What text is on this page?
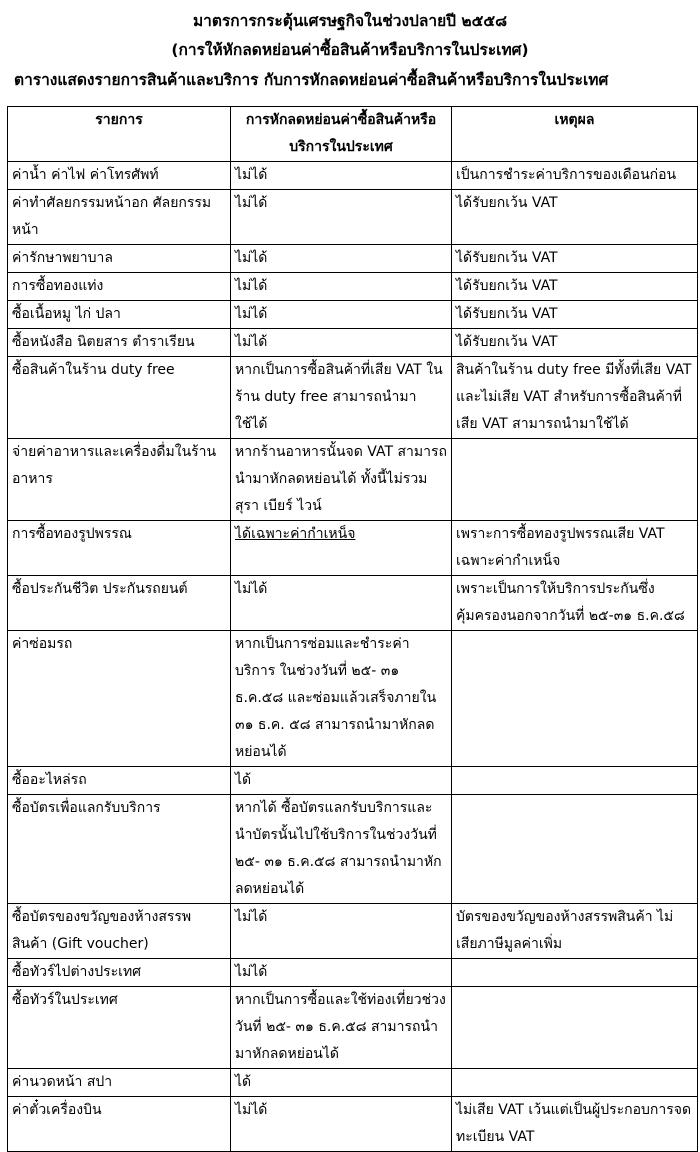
มาตรการกระตุ้นเศรษฐกิจในช่วงปลายปี ๒๕๕๘
(การให้หักลดหย่อนค่าซื้อสินค้าหรือบริการในประเทศ)
ตารางแสดงรายการสินค้าและบริการ กับการหักลดหย่อนค่าซื้อสินค้าหรือบริการในประเทศ
รายการ	การหักลดหย่อนค่าซื้อสินค้าหรือบริการในประเทศ	เหตุผล
ค่าน้ำ ค่าไฟ ค่าโทรศัพท์	ไม่ได้	เป็นการชำระค่าบริการของเดือนก่อน
ค่าทำศัลยกรรมหน้าอก ศัลยกรรมหน้า	ไม่ได้	ได้รับยกเว้น VAT
ค่ารักษาพยาบาล	ไม่ได้	ได้รับยกเว้น VAT
การซื้อทองแท่ง	ไม่ได้	ได้รับยกเว้น VAT
ซื้อเนื้อหมู ไก่ ปลา	ไม่ได้	ได้รับยกเว้น VAT
ซื้อหนังสือ นิตยสาร ตำราเรียน	ไม่ได้	ได้รับยกเว้น VAT
ซื้อสินค้าในร้าน duty free	หากเป็นการซื้อสินค้าที่เสีย VAT ในร้าน duty free สามารถนำมาใช้ได้	สินค้าในร้าน duty free มีทั้งที่เสีย VAT และไม่เสีย VAT สำหรับการซื้อสินค้าที่เสีย VAT สามารถนำมาใช้ได้
จ่ายค่าอาหารและเครื่องดื่มในร้านอาหาร	หากร้านอาหารนั้นจด VAT สามารถนำมาหักลดหย่อนได้ ทั้งนี้ไม่รวมสุรา เบียร์ ไวน์	
การซื้อทองรูปพรรณ	ได้เฉพาะค่ากำเหน็จ	เพราะการซื้อทองรูปพรรณเสีย VAT เฉพาะค่ากำเหน็จ
ซื้อประกันชีวิต ประกันรถยนต์	ไม่ได้	เพราะเป็นการให้บริการประกันซึ่งคุ้มครองนอกจากวันที่ ๒๕-๓๑ ธ.ค.๕๘
ค่าซ่อมรถ	หากเป็นการซ่อมและชำระค่าบริการ ในช่วงวันที่ ๒๕- ๓๑ ธ.ค.๕๘ และซ่อมแล้วเสร็จภายใน ๓๑ ธ.ค. ๕๘ สามารถนำมาหักลดหย่อนได้	
ซื้ออะไหล่รถ	ได้	
ซื้อบัตรเพื่อแลกรับบริการ	หากได้ ซื้อบัตรแลกรับบริการและนำบัตรนั้นไปใช้บริการในช่วงวันที่ ๒๕- ๓๑ ธ.ค.๕๘ สามารถนำมาหักลดหย่อนได้	
ซื้อบัตรของขวัญของห้างสรรพสินค้า (Gift voucher)	ไม่ได้	บัตรของขวัญของห้างสรรพสินค้า ไม่เสียภาษีมูลค่าเพิ่ม
ซื้อทัวร์ไปต่างประเทศ	ไม่ได้	
ซื้อทัวร์ในประเทศ	หากเป็นการซื้อและใช้ท่องเที่ยวช่วงวันที่ ๒๕- ๓๑ ธ.ค.๕๘ สามารถนำมาหักลดหย่อนได้	
ค่านวดหน้า สปา	ได้	
ค่าตั๋วเครื่องบิน	ไม่ได้	ไม่เสีย VAT เว้นแต่เป็นผู้ประกอบการจดทะเบียน VAT
